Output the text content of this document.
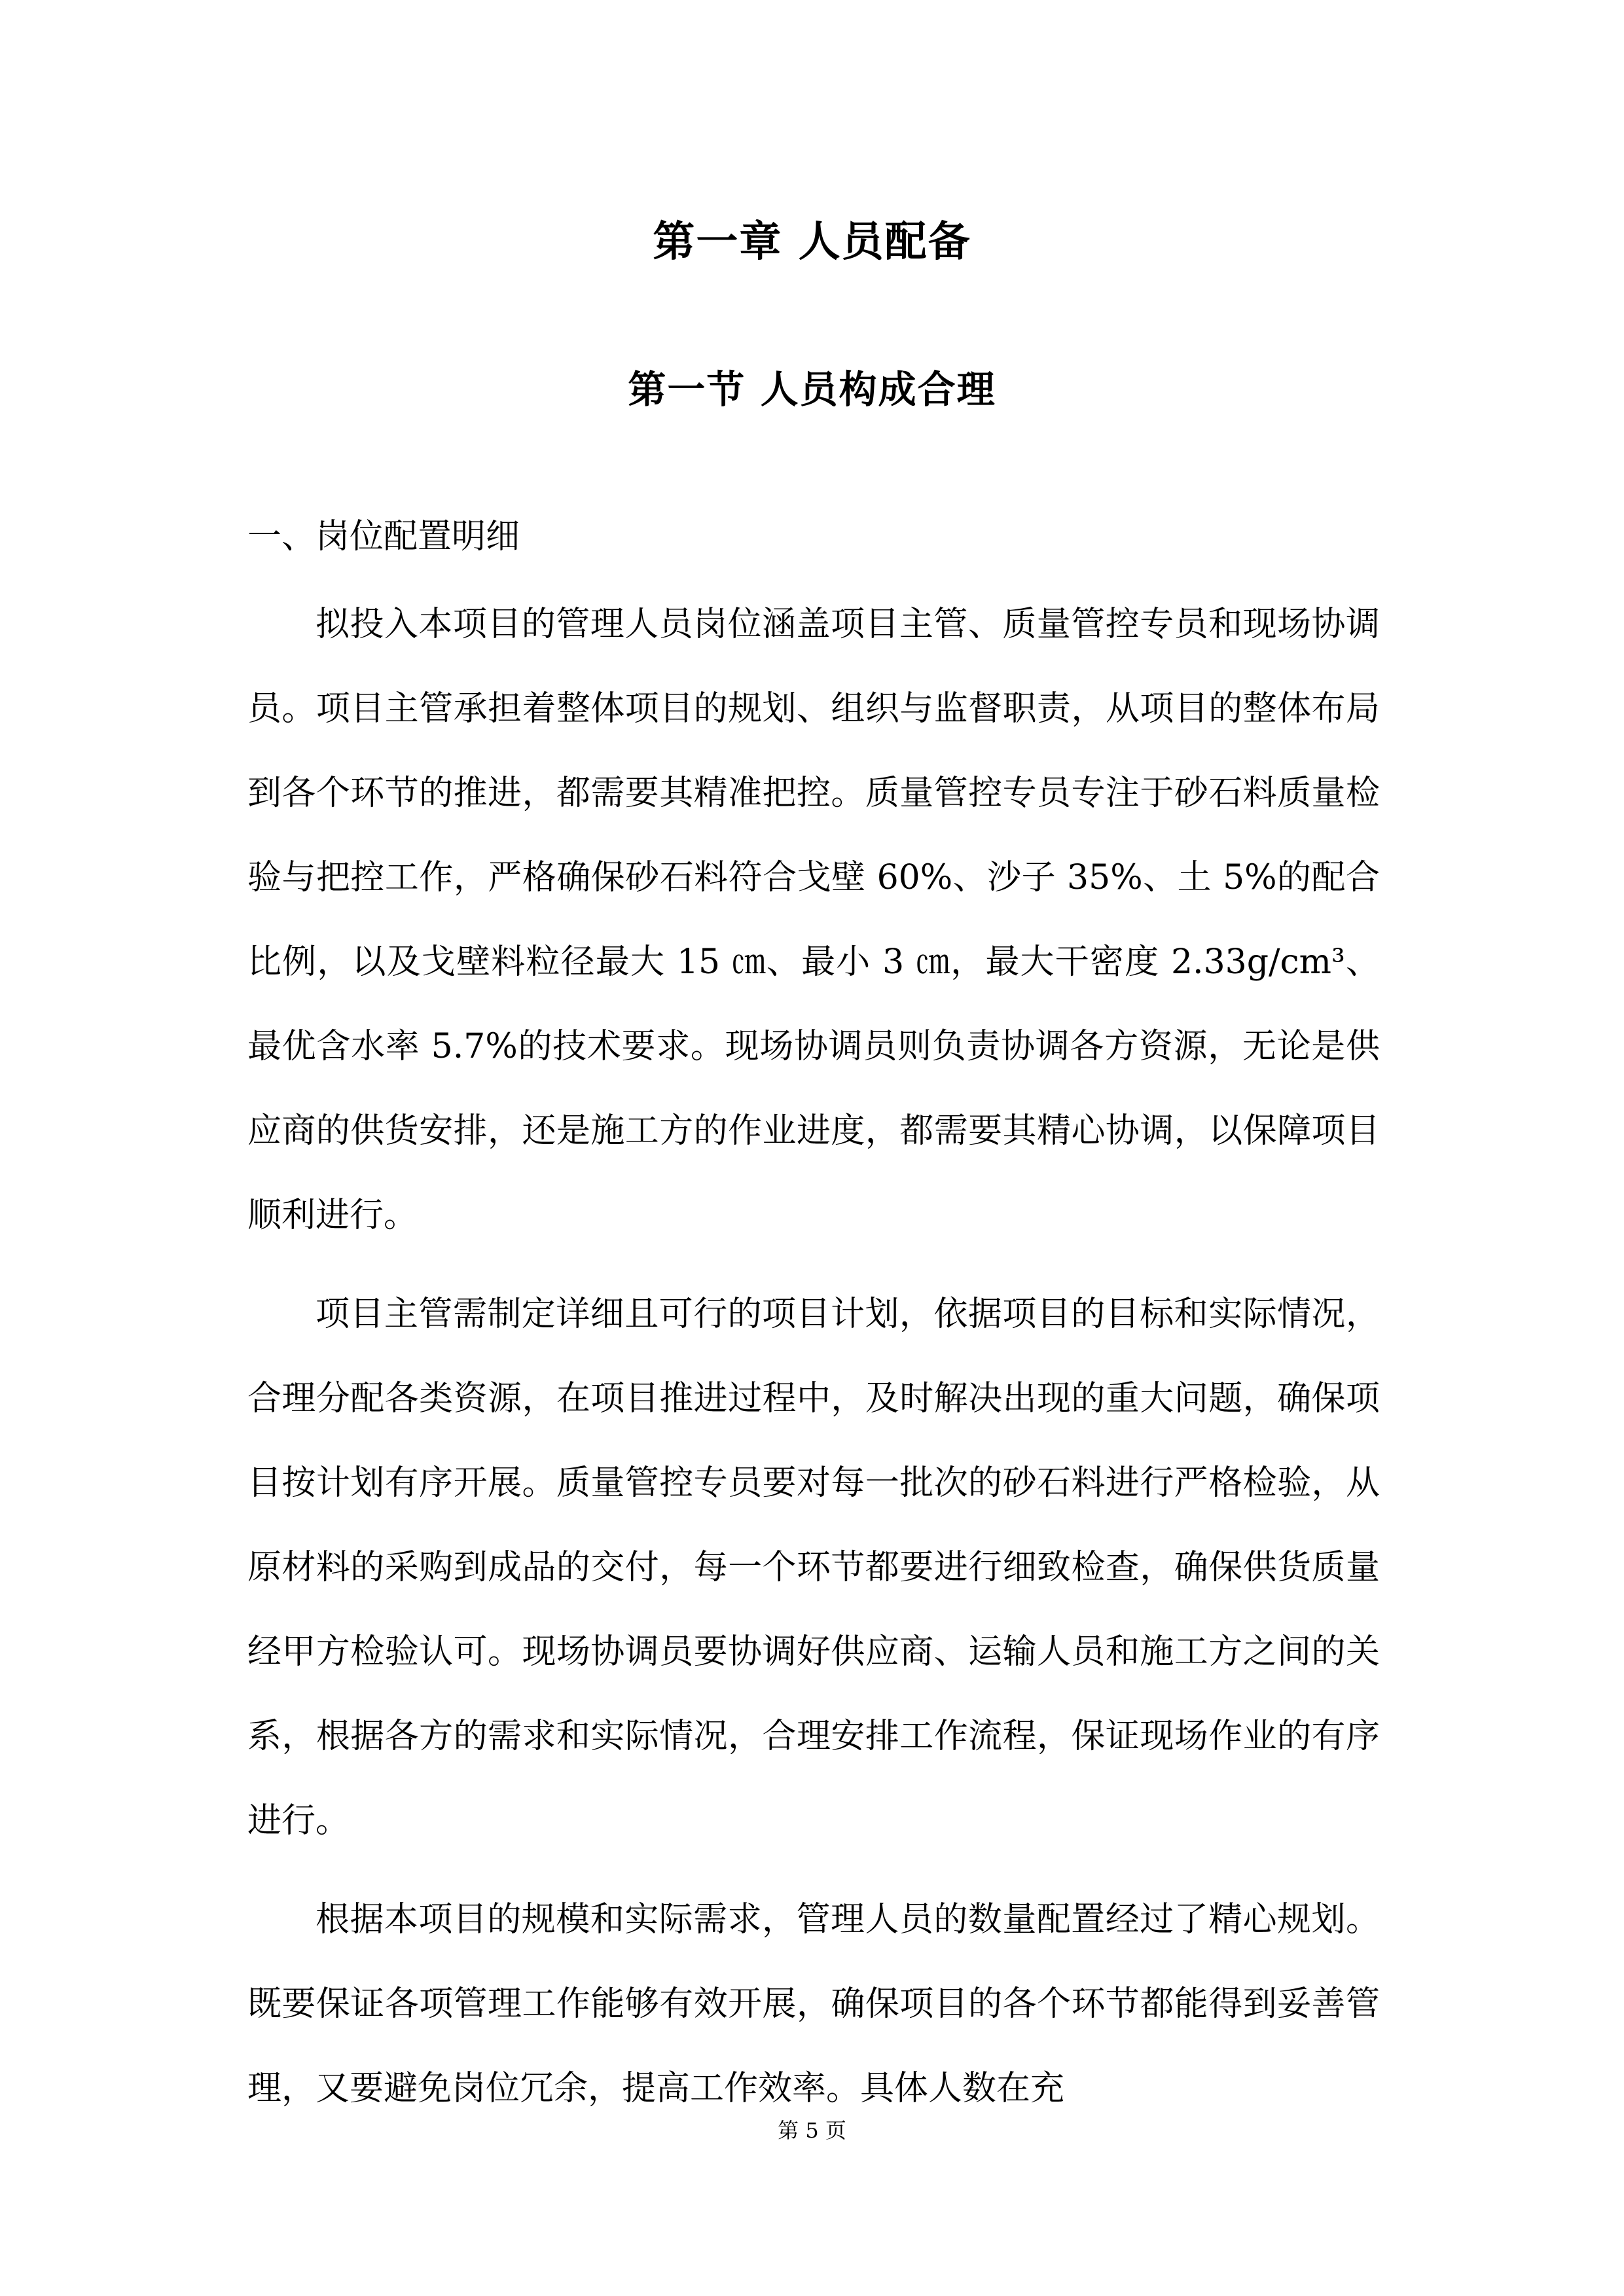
第一章 人员配备
第一节 人员构成合理
一、岗位配置明细

拟投入本项目的管理人员岗位涵盖项目主管、质量管控专员和现场协调员。项目主管承担着整体项目的规划、组织与监督职责，从项目的整体布局到各个环节的推进，都需要其精准把控。质量管控专员专注于砂石料质量检验与把控工作，严格确保砂石料符合戈壁 60%、沙子 35%、土 5%的配合比例，以及戈壁料粒径最大 15 ㎝、最小 3 ㎝，最大干密度 2.33g/cm³、最优含水率 5.7%的技术要求。现场协调员则负责协调各方资源，无论是供应商的供货安排，还是施工方的作业进度，都需要其精心协调，以保障项目顺利进行。

项目主管需制定详细且可行的项目计划，依据项目的目标和实际情况，合理分配各类资源，在项目推进过程中，及时解决出现的重大问题，确保项目按计划有序开展。质量管控专员要对每一批次的砂石料进行严格检验，从原材料的采购到成品的交付，每一个环节都要进行细致检查，确保供货质量经甲方检验认可。现场协调员要协调好供应商、运输人员和施工方之间的关系，根据各方的需求和实际情况，合理安排工作流程，保证现场作业的有序进行。

根据本项目的规模和实际需求，管理人员的数量配置经过了精心规划。既要保证各项管理工作能够有效开展，确保项目的各个环节都能得到妥善管理，又要避免岗位冗余，提高工作效率。具体人数在充

第 5 页
